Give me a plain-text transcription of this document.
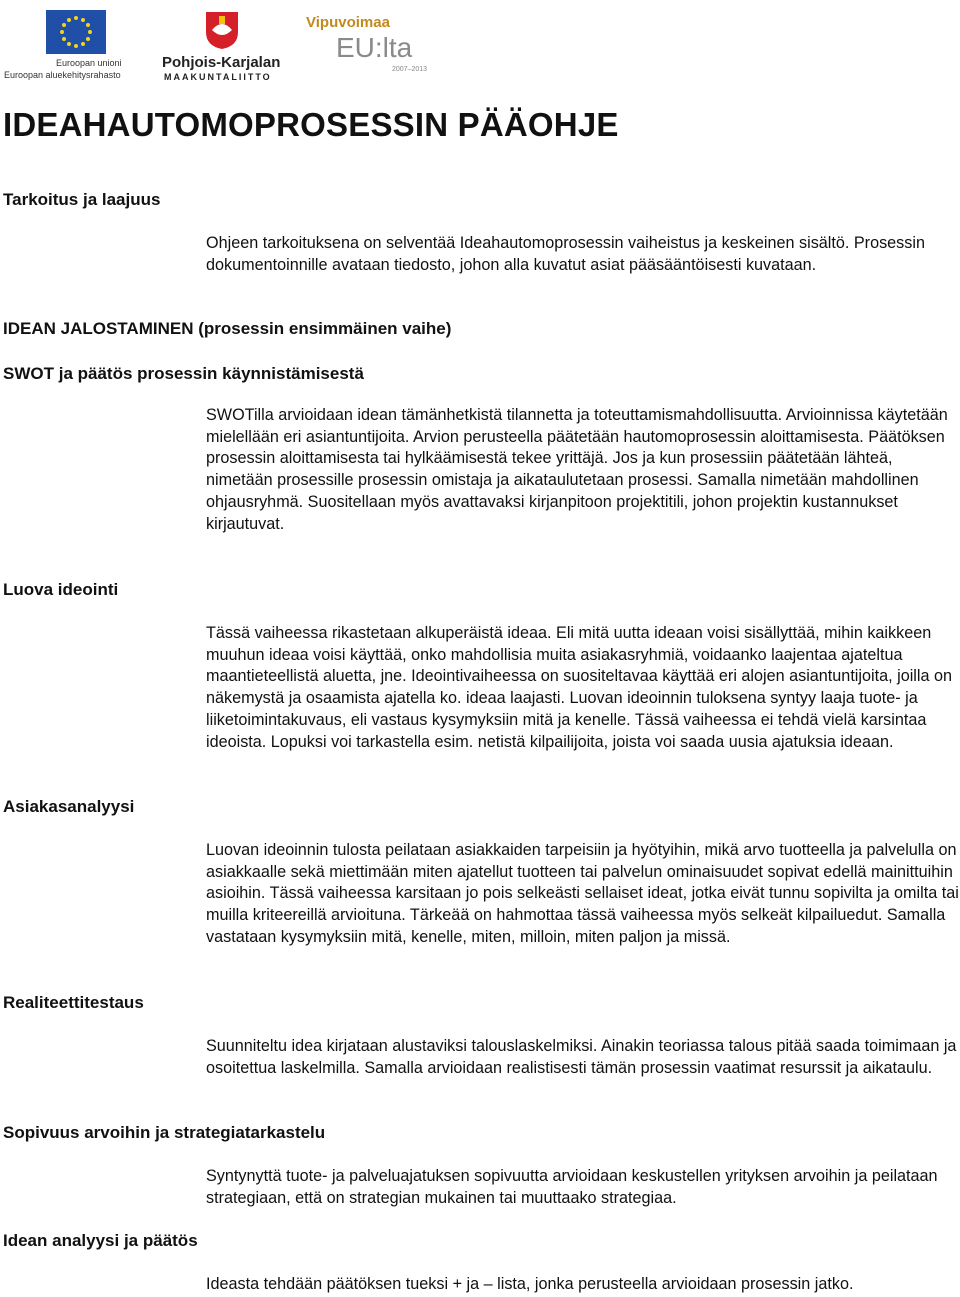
Euroopan unioni
Euroopan aluekehitysrahasto
Pohjois-Karjalan
MAAKUNTALIITTO
Vipuvoimaa
EU:lta
2007–2013
IDEAHAUTOMOPROSESSIN PÄÄOHJE
Tarkoitus ja laajuus

Ohjeen tarkoituksena on selventää Ideahautomoprosessin vaiheistus ja keskeinen sisältö. Prosessin dokumentoinnille avataan tiedosto, johon alla kuvatut asiat pääsääntöisesti kuvataan.

IDEAN JALOSTAMINEN (prosessin ensimmäinen vaihe)
SWOT ja päätös prosessin käynnistämisestä

SWOTilla arvioidaan idean tämänhetkistä tilannetta ja toteuttamismahdollisuutta. Arvioinnissa käytetään mielellään eri asiantuntijoita. Arvion perusteella päätetään hautomoprosessin aloittamisesta. Päätöksen prosessin aloittamisesta tai hylkäämisestä tekee yrittäjä. Jos ja kun prosessiin päätetään lähteä, nimetään prosessille prosessin omistaja ja aikataulutetaan prosessi. Samalla nimetään mahdollinen ohjausryhmä. Suositellaan myös avattavaksi kirjanpitoon projektitili, johon projektin kustannukset kirjautuvat.

Luova ideointi

Tässä vaiheessa rikastetaan alkuperäistä ideaa. Eli mitä uutta ideaan voisi sisällyttää, mihin kaikkeen muuhun ideaa voisi käyttää, onko mahdollisia muita asiakasryhmiä, voidaanko laajentaa ajateltua maantieteellistä aluetta, jne. Ideointivaiheessa on suositeltavaa käyttää eri alojen asiantuntijoita, joilla on näkemystä ja osaamista ajatella ko. ideaa laajasti. Luovan ideoinnin tuloksena syntyy laaja tuote- ja liiketoimintakuvaus, eli vastaus kysymyksiin mitä ja kenelle. Tässä vaiheessa ei tehdä vielä karsintaa ideoista. Lopuksi voi tarkastella esim. netistä kilpailijoita, joista voi saada uusia ajatuksia ideaan.

Asiakasanalyysi

Luovan ideoinnin tulosta peilataan asiakkaiden tarpeisiin ja hyötyihin, mikä arvo tuotteella ja palvelulla on asiakkaalle sekä miettimään miten ajatellut tuotteen tai palvelun ominaisuudet sopivat edellä mainittuihin asioihin. Tässä vaiheessa karsitaan jo pois selkeästi sellaiset ideat, jotka eivät tunnu sopivilta ja omilta tai muilla kriteereillä arvioituna. Tärkeää on hahmottaa tässä vaiheessa myös selkeät kilpailuedut. Samalla vastataan kysymyksiin mitä, kenelle, miten, milloin, miten paljon ja missä.

Realiteettitestaus

Suunniteltu idea kirjataan alustaviksi talouslaskelmiksi. Ainakin teoriassa talous pitää saada toimimaan ja osoitettua laskelmilla. Samalla arvioidaan realistisesti tämän prosessin vaatimat resurssit ja aikataulu.

Sopivuus arvoihin ja strategiatarkastelu

Syntynyttä tuote- ja palveluajatuksen sopivuutta arvioidaan keskustellen yrityksen arvoihin ja peilataan strategiaan, että on strategian mukainen tai muuttaako strategiaa.

Idean analyysi ja päätös

Ideasta tehdään päätöksen tueksi + ja – lista, jonka perusteella arvioidaan prosessin jatko.
